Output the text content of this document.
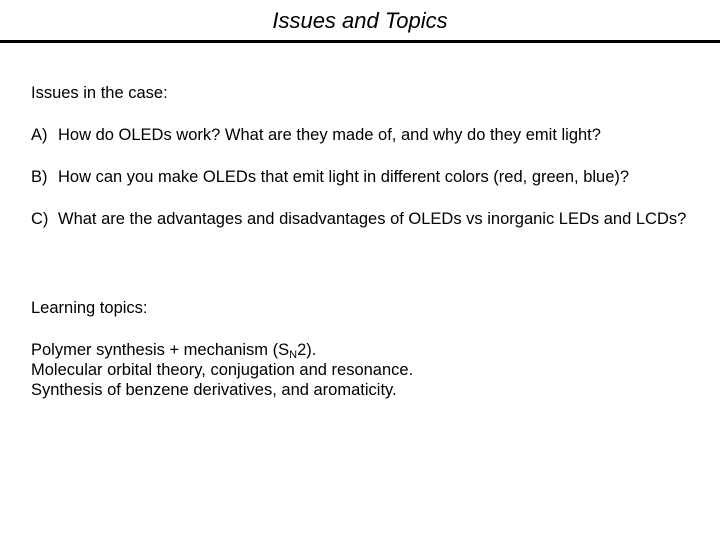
Issues and Topics

Issues in the case:

A) How do OLEDs work? What are they made of, and why do they emit light?
B) How can you make OLEDs that emit light in different colors (red, green, blue)?
C) What are the advantages and disadvantages of OLEDs vs inorganic LEDs and LCDs?

Learning topics:

Polymer synthesis + mechanism $(S_N2)$.
Molecular orbital theory, conjugation and resonance.
Synthesis of benzene derivatives, and aromaticity.
